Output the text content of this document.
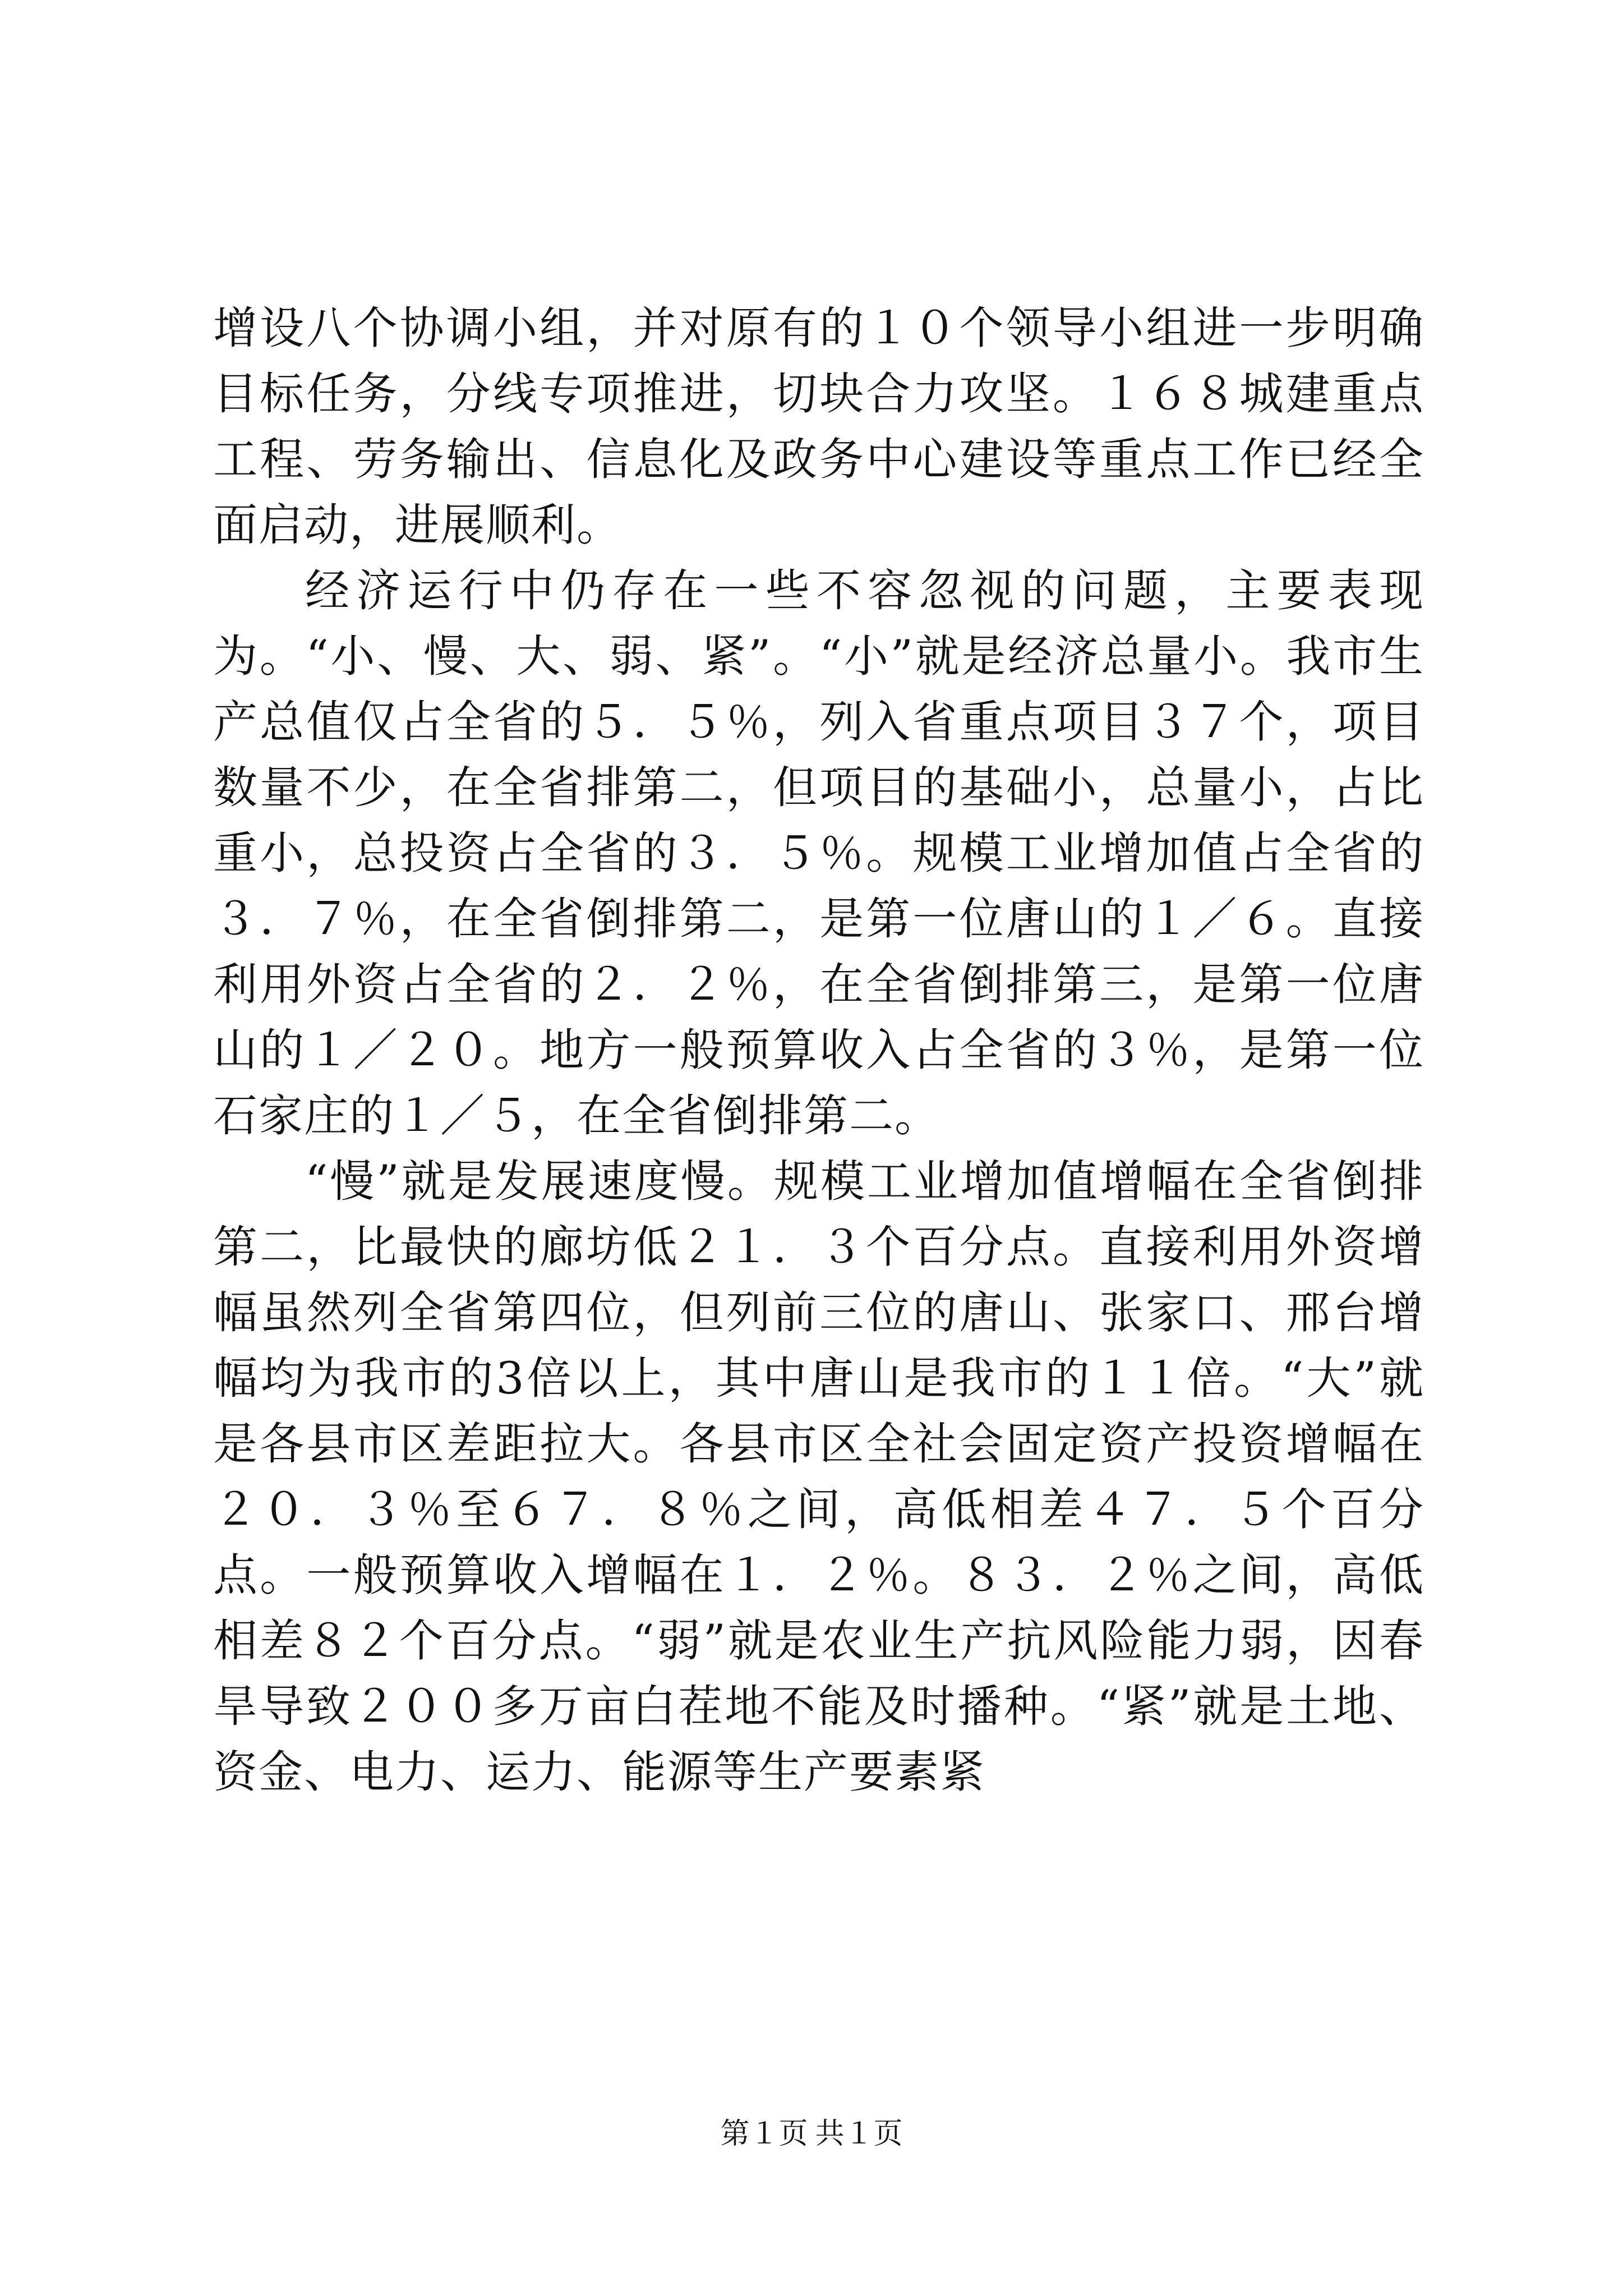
增设八个协调小组，并对原有的１０个领导小组进一步明确目标任务，分线专项推进，切块合力攻坚。１６８城建重点工程、劳务输出、信息化及政务中心建设等重点工作已经全面启动，进展顺利。

经济运行中仍存在一些不容忽视的问题，主要表现为。“小、慢、大、弱、紧”。“小”就是经济总量小。我市生产总值仅占全省的５．５％，列入省重点项目３７个，项目数量不少，在全省排第二，但项目的基础小，总量小，占比重小，总投资占全省的３．５％。规模工业增加值占全省的３．７％，在全省倒排第二，是第一位唐山的１／６。直接利用外资占全省的２．２％，在全省倒排第三，是第一位唐山的１／２０。地方一般预算收入占全省的３％，是第一位石家庄的１／５，在全省倒排第二。

“慢”就是发展速度慢。规模工业增加值增幅在全省倒排第二，比最快的廊坊低２１．３个百分点。直接利用外资增幅虽然列全省第四位，但列前三位的唐山、张家口、邢台增幅均为我市的3倍以上，其中唐山是我市的１１倍。“大”就是各县市区差距拉大。各县市区全社会固定资产投资增幅在２０．３％至６７．８％之间，高低相差４７．５个百分点。一般预算收入增幅在１．２％。８３．２％之间，高低相差８２个百分点。“弱”就是农业生产抗风险能力弱，因春旱导致２００多万亩白茬地不能及时播种。“紧”就是土地、资金、电力、运力、能源等生产要素紧

第１页 共１页
